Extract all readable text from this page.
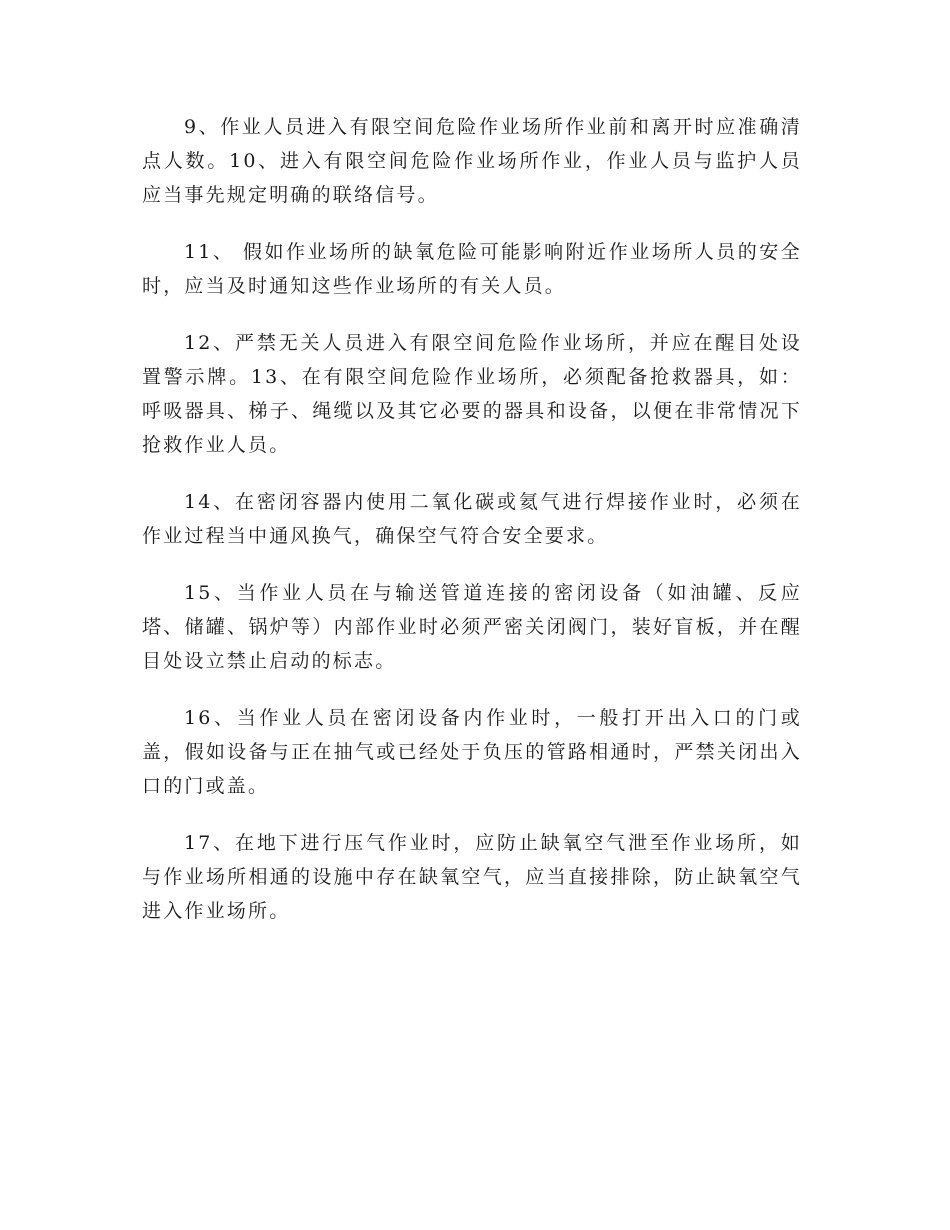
9、作业人员进入有限空间危险作业场所作业前和离开时应准确清点人数。10、进入有限空间危险作业场所作业，作业人员与监护人员应当事先规定明确的联络信号。

11、 假如作业场所的缺氧危险可能影响附近作业场所人员的安全时，应当及时通知这些作业场所的有关人员。

12、严禁无关人员进入有限空间危险作业场所，并应在醒目处设置警示牌。13、在有限空间危险作业场所，必须配备抢救器具，如：呼吸器具、梯子、绳缆以及其它必要的器具和设备，以便在非常情况下抢救作业人员。

14、在密闭容器内使用二氧化碳或氦气进行焊接作业时，必须在作业过程当中通风换气，确保空气符合安全要求。

15、当作业人员在与输送管道连接的密闭设备（如油罐、反应塔、储罐、锅炉等）内部作业时必须严密关闭阀门，装好盲板，并在醒目处设立禁止启动的标志。

16、当作业人员在密闭设备内作业时，一般打开出入口的门或盖，假如设备与正在抽气或已经处于负压的管路相通时，严禁关闭出入口的门或盖。

17、在地下进行压气作业时，应防止缺氧空气泄至作业场所，如与作业场所相通的设施中存在缺氧空气，应当直接排除，防止缺氧空气进入作业场所。
